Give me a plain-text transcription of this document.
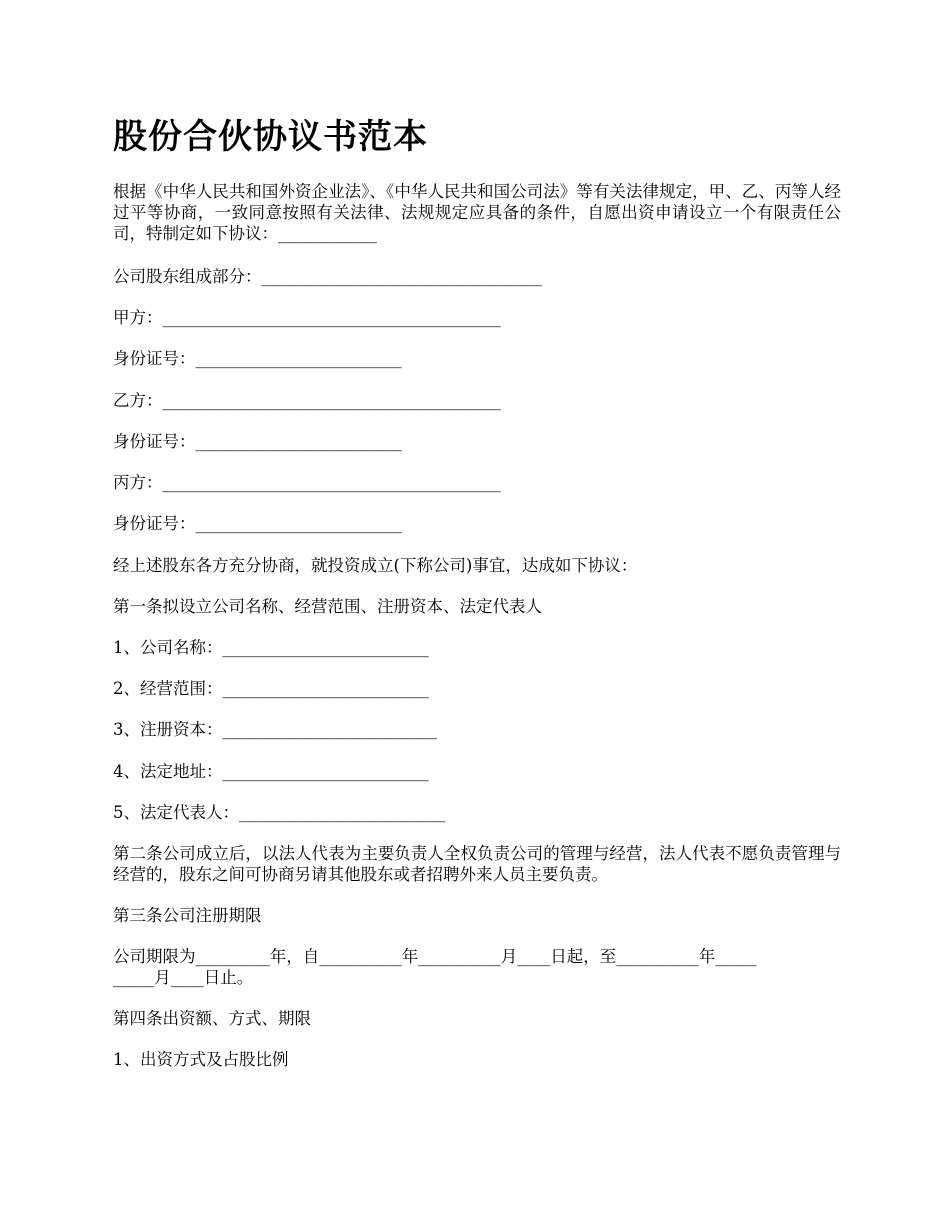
股份合伙协议书范本

根据《中华人民共和国外资企业法》、《中华人民共和国公司法》等有关法律规定，甲、乙、丙等人经过平等协商，一致同意按照有关法律、法规规定应具备的条件，自愿出资申请设立一个有限责任公司，特制定如下协议：____________

公司股东组成部分：__________________________________

甲方：_________________________________________

身份证号：_________________________

乙方：_________________________________________

身份证号：_________________________

丙方：_________________________________________

身份证号：_________________________

经上述股东各方充分协商，就投资成立(下称公司)事宜，达成如下协议：

第一条拟设立公司名称、经营范围、注册资本、法定代表人

1、公司名称：_________________________

2、经营范围：_________________________

3、注册资本：__________________________

4、法定地址：_________________________

5、法定代表人：_________________________

第二条公司成立后，以法人代表为主要负责人全权负责公司的管理与经营，法人代表不愿负责管理与经营的，股东之间可协商另请其他股东或者招聘外来人员主要负责。

第三条公司注册期限

公司期限为_________年，自__________年__________月____日起，至__________年_____
_____月____日止。

第四条出资额、方式、期限

1、出资方式及占股比例
